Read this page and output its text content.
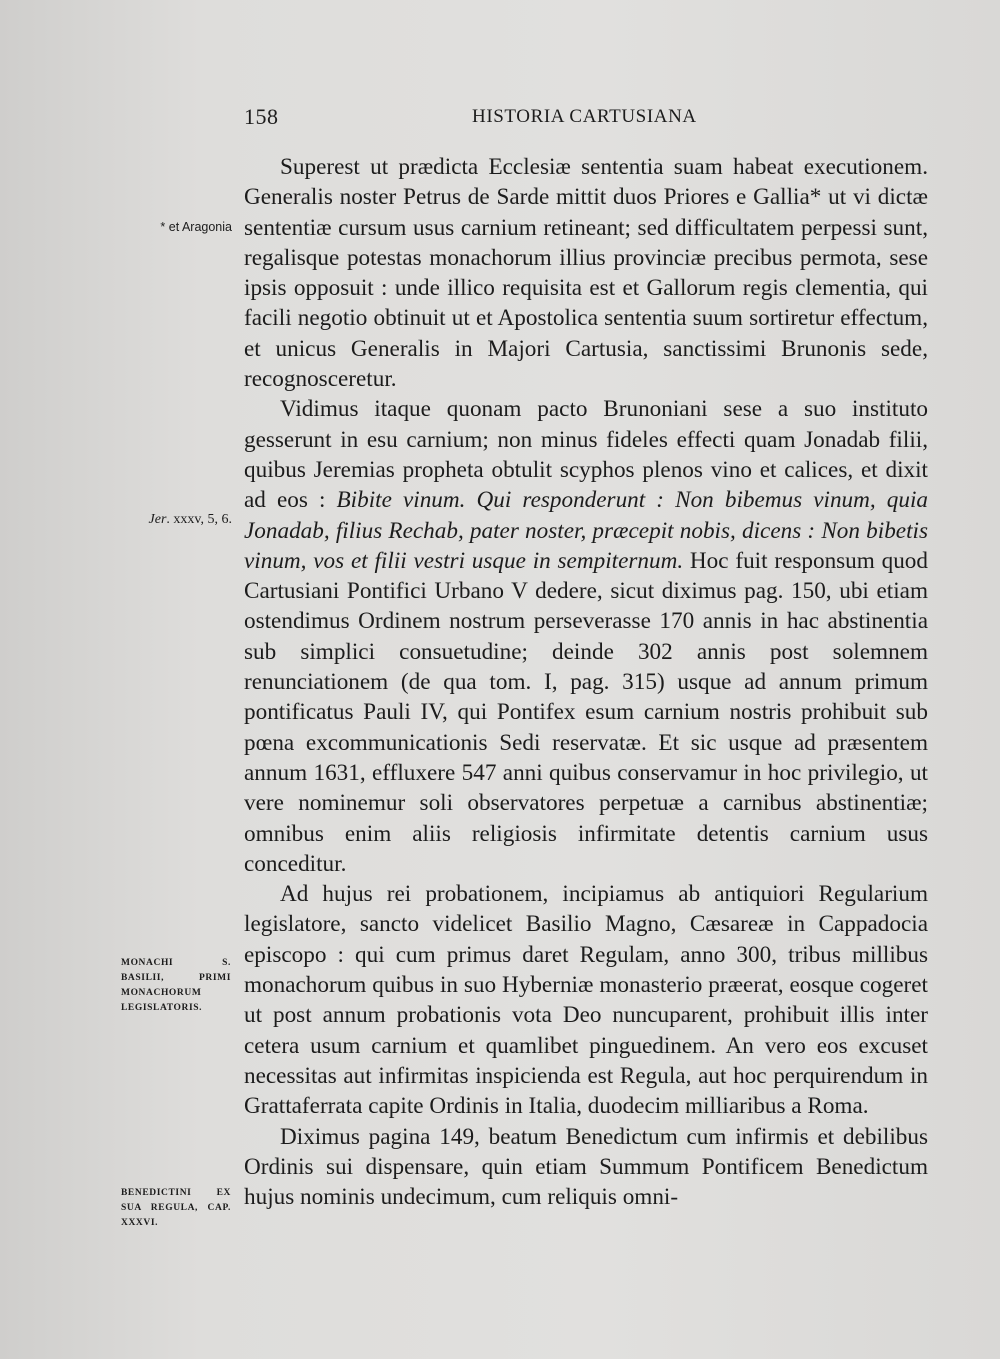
158	HISTORIA CARTUSIANA
* et Aragonia
Jer. xxxv, 5, 6.
MONACHI S. BASILII, PRIMI MONACHORUM LEGISLATORIS.
BENEDICTINI EX SUA REGULA, CAP. XXXVI.

Superest ut prædicta Ecclesiæ sententia suam habeat executionem. Generalis noster Petrus de Sarde mittit duos Priores e Gallia* ut vi dictæ sententiæ cursum usus carnium retineant; sed difficultatem perpessi sunt, regalisque potestas monachorum illius provinciæ precibus permota, sese ipsis opposuit : unde illico requisita est et Gallorum regis clementia, qui facili negotio obtinuit ut et Apostolica sententia suum sortiretur effectum, et unicus Generalis in Majori Cartusia, sanctissimi Brunonis sede, recognosceretur.

Vidimus itaque quonam pacto Brunoniani sese a suo instituto gesserunt in esu carnium; non minus fideles effecti quam Jonadab filii, quibus Jeremias propheta obtulit scyphos plenos vino et calices, et dixit ad eos : Bibite vinum. Qui responderunt : Non bibemus vinum, quia Jonadab, filius Rechab, pater noster, præcepit nobis, dicens : Non bibetis vinum, vos et filii vestri usque in sempiternum. Hoc fuit responsum quod Cartusiani Pontifici Urbano V dedere, sicut diximus pag. 150, ubi etiam ostendimus Ordinem nostrum perseverasse 170 annis in hac abstinentia sub simplici consuetudine; deinde 302 annis post solemnem renunciationem (de qua tom. I, pag. 315) usque ad annum primum pontificatus Pauli IV, qui Pontifex esum carnium nostris prohibuit sub pœna excommunicationis Sedi reservatæ. Et sic usque ad præsentem annum 1631, effluxere 547 anni quibus conservamur in hoc privilegio, ut vere nominemur soli observatores perpetuæ a carnibus abstinentiæ; omnibus enim aliis religiosis infirmitate detentis carnium usus conceditur.

Ad hujus rei probationem, incipiamus ab antiquiori Regularium legislatore, sancto videlicet Basilio Magno, Cæsareæ in Cappadocia episcopo : qui cum primus daret Regulam, anno 300, tribus millibus monachorum quibus in suo Hyberniæ monasterio præerat, eosque cogeret ut post annum probationis vota Deo nuncuparent, prohibuit illis inter cetera usum carnium et quamlibet pinguedinem. An vero eos excuset necessitas aut infirmitas inspicienda est Regula, aut hoc perquirendum in Grattaferrata capite Ordinis in Italia, duodecim milliaribus a Roma.

Diximus pagina 149, beatum Benedictum cum infirmis et debilibus Ordinis sui dispensare, quin etiam Summum Pontificem Benedictum hujus nominis undecimum, cum reliquis omni-
